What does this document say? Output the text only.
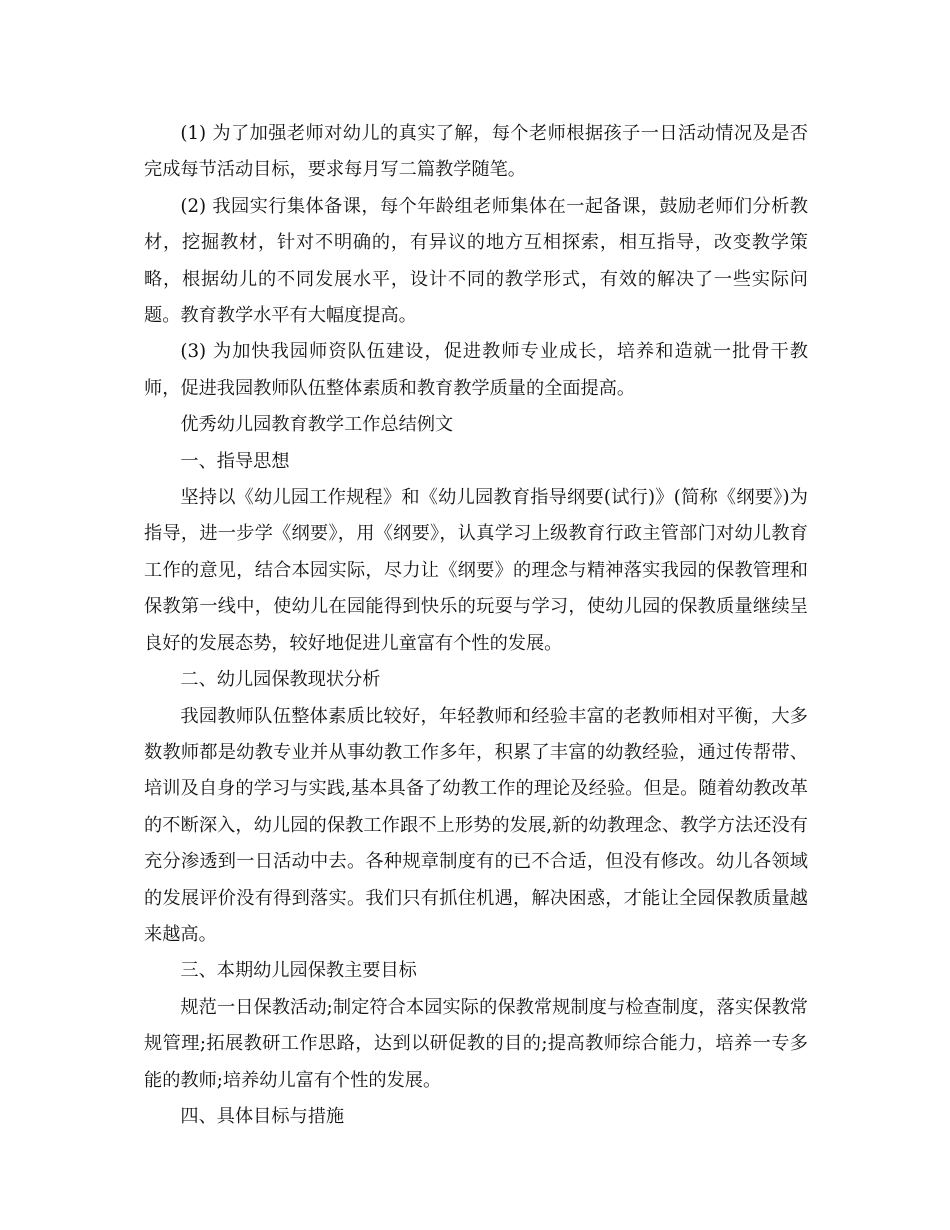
(1) 为了加强老师对幼儿的真实了解，每个老师根据孩子一日活动情况及是否完成每节活动目标，要求每月写二篇教学随笔。

(2) 我园实行集体备课，每个年龄组老师集体在一起备课，鼓励老师们分析教材，挖掘教材，针对不明确的，有异议的地方互相探索，相互指导，改变教学策略，根据幼儿的不同发展水平，设计不同的教学形式，有效的解决了一些实际问题。教育教学水平有大幅度提高。

(3) 为加快我园师资队伍建设，促进教师专业成长，培养和造就一批骨干教师，促进我园教师队伍整体素质和教育教学质量的全面提高。

优秀幼儿园教育教学工作总结例文

一、指导思想

坚持以《幼儿园工作规程》和《幼儿园教育指导纲要(试行)》(简称《纲要》)为指导，进一步学《纲要》，用《纲要》，认真学习上级教育行政主管部门对幼儿教育工作的意见，结合本园实际，尽力让《纲要》的理念与精神落实我园的保教管理和保教第一线中，使幼儿在园能得到快乐的玩耍与学习，使幼儿园的保教质量继续呈良好的发展态势，较好地促进儿童富有个性的发展。

二、幼儿园保教现状分析

我园教师队伍整体素质比较好，年轻教师和经验丰富的老教师相对平衡，大多数教师都是幼教专业并从事幼教工作多年，积累了丰富的幼教经验，通过传帮带、培训及自身的学习与实践,基本具备了幼教工作的理论及经验。但是。随着幼教改革的不断深入，幼儿园的保教工作跟不上形势的发展,新的幼教理念、教学方法还没有充分渗透到一日活动中去。各种规章制度有的已不合适，但没有修改。幼儿各领域的发展评价没有得到落实。我们只有抓住机遇，解决困惑，才能让全园保教质量越来越高。

三、本期幼儿园保教主要目标

规范一日保教活动;制定符合本园实际的保教常规制度与检查制度，落实保教常规管理;拓展教研工作思路，达到以研促教的目的;提高教师综合能力，培养一专多能的教师;培养幼儿富有个性的发展。

四、具体目标与措施
